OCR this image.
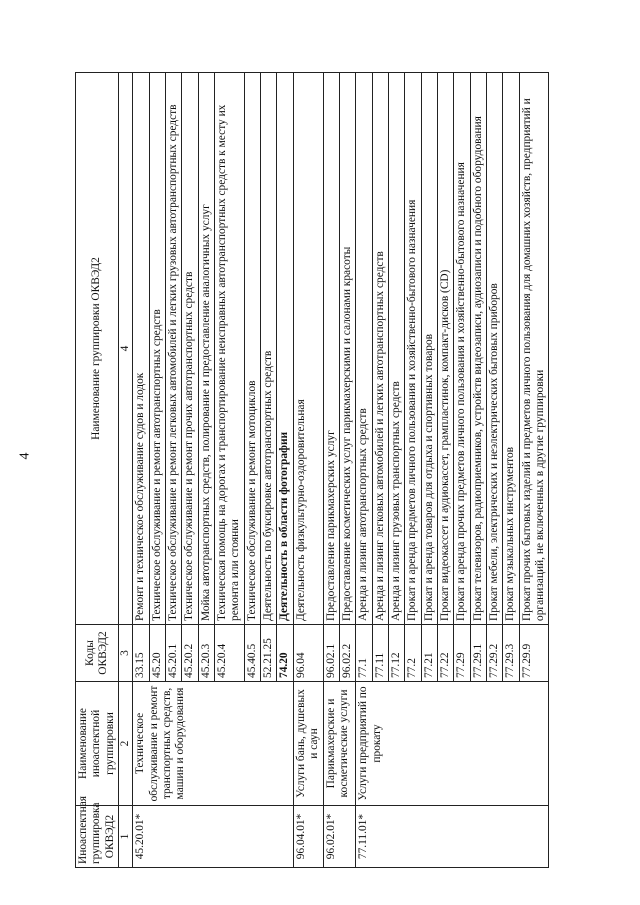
4
Иноаспектная группировка ОКВЭД2	Наименование иноаспектной группировки	Коды ОКВЭД2	Наименование группировки ОКВЭД2
1	2	3	4
45.20.01*	Техническое обслуживание и ремонт транспортных средств, машин и оборудования	33.15	Ремонт и техническое обслуживание судов и лодок
		45.20	Техническое обслуживание и ремонт автотранспортных средств
		45.20.1	Техническое обслуживание и ремонт легковых автомобилей и легких грузовых автотранспортных средств
		45.20.2	Техническое обслуживание и ремонт прочих автотранспортных средств
		45.20.3	Мойка автотранспортных средств, полирование и предоставление аналогичных услуг
		45.20.4	Техническая помощь на дорогах и транспортирование неисправных автотранспортных средств к месту их ремонта или стоянки
		45.40.5	Техническое обслуживание и ремонт мотоциклов
		52.21.25	Деятельность по буксировке автотранспортных средств
		74.20	Деятельность в области фотографии
96.04.01*	Услуги бань, душевых и саун	96.04	Деятельность физкультурно-оздоровительная
96.02.01*	Парикмахерские и косметические услуги	96.02.1	Предоставление парикмахерских услуг
		96.02.2	Предоставление косметических услуг парикмахерскими и салонами красоты
77.11.01*	Услуги предприятий по прокату	77.1	Аренда и лизинг автотранспортных средств
		77.11	Аренда и лизинг легковых автомобилей и легких автотранспортных средств
		77.12	Аренда и лизинг грузовых транспортных средств
		77.2	Прокат и аренда предметов личного пользования и хозяйственно-бытового назначения
		77.21	Прокат и аренда товаров для отдыха и спортивных товаров
		77.22	Прокат видеокассет и аудиокассет, грампластинок, компакт-дисков (CD)
		77.29	Прокат и аренда прочих предметов личного пользования и хозяйственно-бытового назначения
		77.29.1	Прокат телевизоров, радиоприемников, устройств видеозаписи, аудиозаписи и подобного оборудования
		77.29.2	Прокат мебели, электрических и неэлектрических бытовых приборов
		77.29.3	Прокат музыкальных инструментов
		77.29.9	Прокат прочих бытовых изделий и предметов личного пользования для домашних хозяйств, предприятий и организаций, не включенных в другие группировки
